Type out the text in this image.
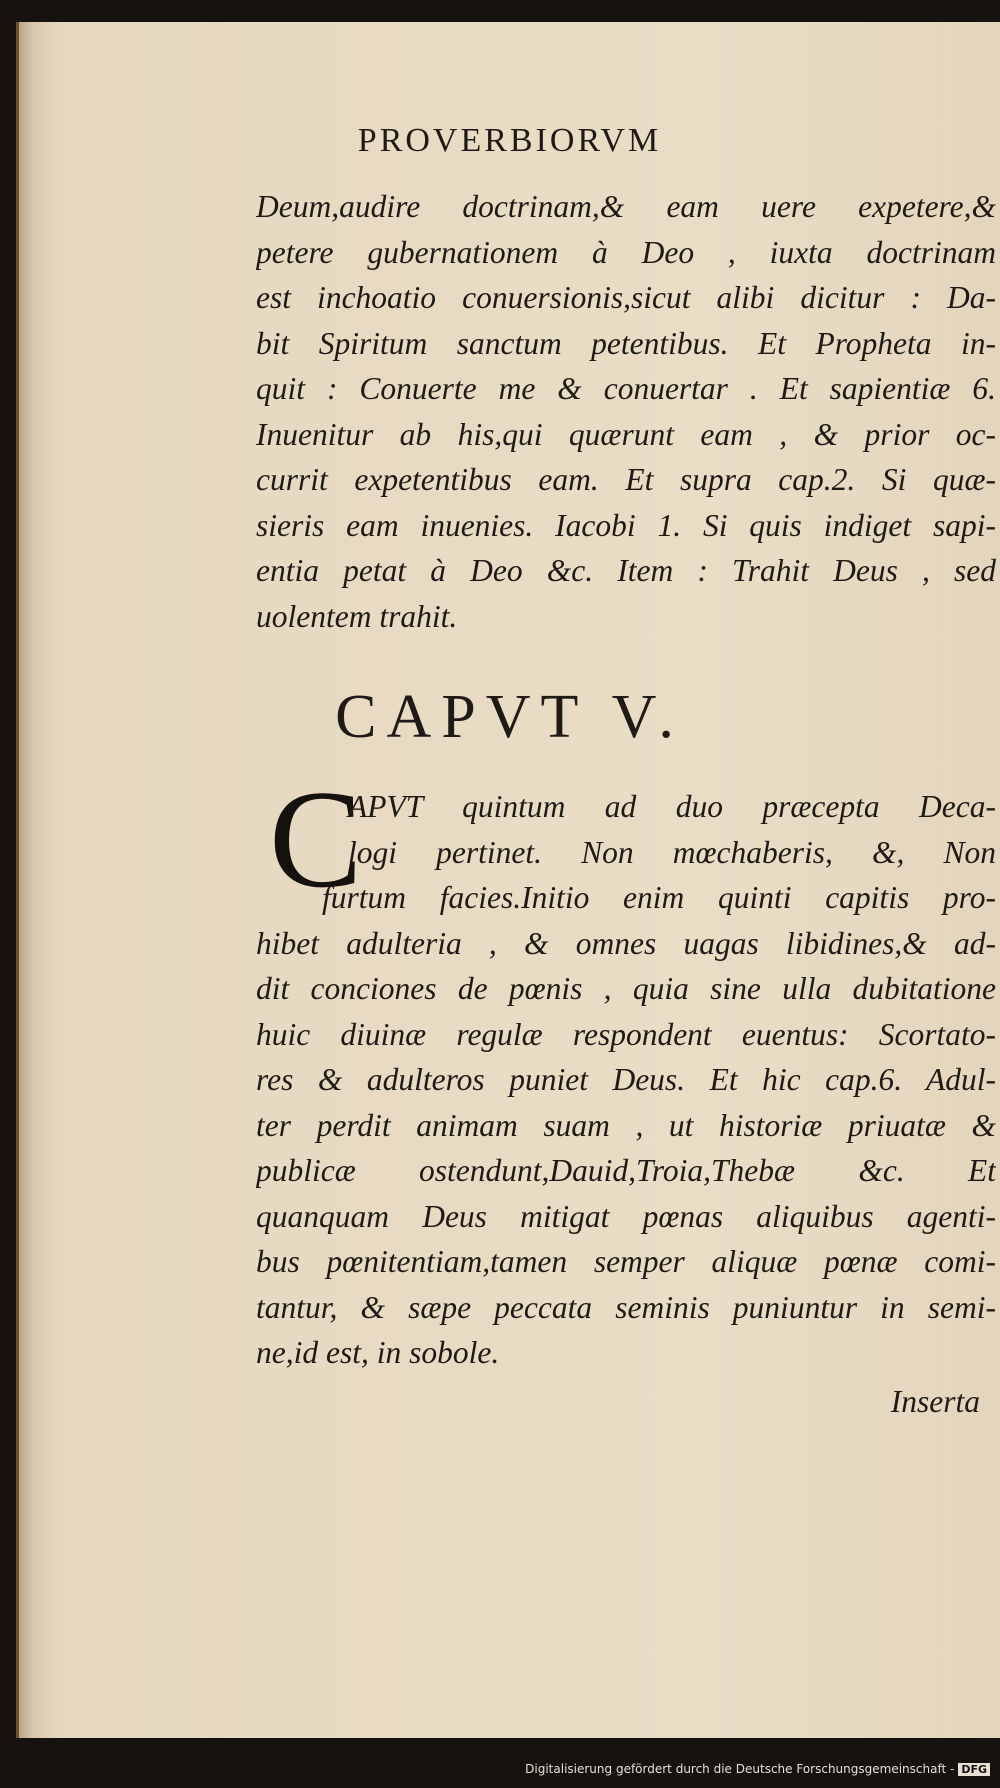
PROVERBIORVM
Deum,audire doctrinam,& eam uere expetere,&
petere gubernationem à Deo , iuxta doctrinam
est inchoatio conuersionis,sicut alibi dicitur : Da-
bit Spiritum sanctum petentibus. Et Propheta in-
quit : Conuerte me & conuertar . Et sapientiæ 6.
Inuenitur ab his,qui quærunt eam , & prior oc-
currit expetentibus eam. Et supra cap.2. Si quæ-
sieris eam inuenies. Iacobi 1. Si quis indiget sapi-
entia petat à Deo &c. Item : Trahit Deus , sed
uolentem trahit.
CAPVT V.
C
APVT quintum ad duo præcepta Deca-
logi pertinet. Non mœchaberis, &, Non
furtum facies.Initio enim quinti capitis pro-
hibet adulteria , & omnes uagas libidines,& ad-
dit conciones de pœnis , quia sine ulla dubitatione
huic diuinæ regulæ respondent euentus: Scortato-
res & adulteros puniet Deus. Et hic cap.6. Adul-
ter perdit animam suam , ut historiæ priuatæ &
publicæ ostendunt,Dauid,Troia,Thebæ &c. Et
quanquam Deus mitigat pœnas aliquibus agenti-
bus pœnitentiam,tamen semper aliquæ pœnæ comi-
tantur, & sæpe peccata seminis puniuntur in semi-
ne,id est, in sobole.
Inserta
Digitalisierung gefördert durch die Deutsche Forschungsgemeinschaft - DFG
